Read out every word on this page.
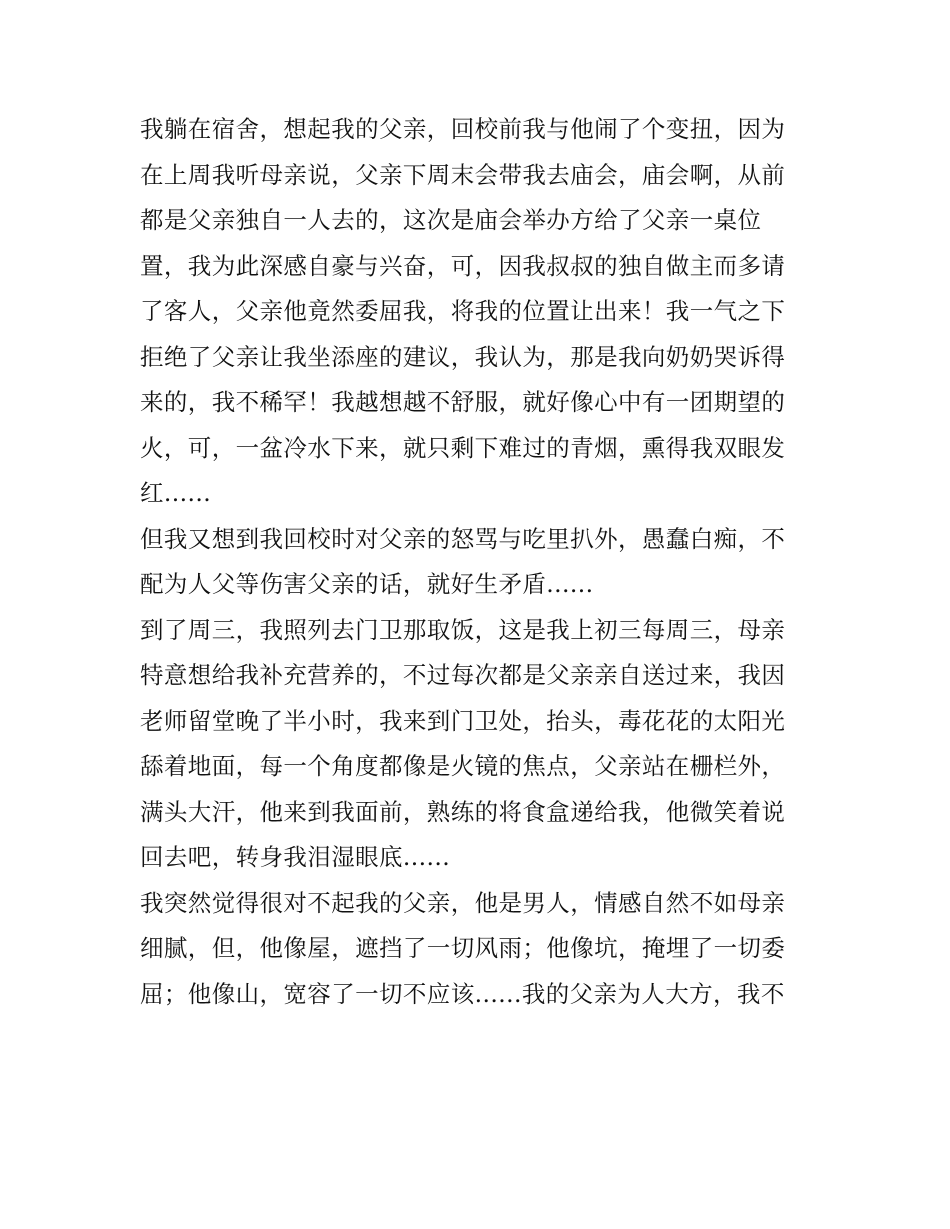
我躺在宿舍，想起我的父亲，回校前我与他闹了个变扭，因为
在上周我听母亲说，父亲下周末会带我去庙会，庙会啊，从前
都是父亲独自一人去的，这次是庙会举办方给了父亲一桌位
置，我为此深感自豪与兴奋，可，因我叔叔的独自做主而多请
了客人，父亲他竟然委屈我，将我的位置让出来！我一气之下
拒绝了父亲让我坐添座的建议，我认为，那是我向奶奶哭诉得
来的，我不稀罕！我越想越不舒服，就好像心中有一团期望的
火，可，一盆冷水下来，就只剩下难过的青烟，熏得我双眼发
红......
但我又想到我回校时对父亲的怒骂与吃里扒外，愚蠢白痴，不
配为人父等伤害父亲的话，就好生矛盾......
到了周三，我照列去门卫那取饭，这是我上初三每周三，母亲
特意想给我补充营养的，不过每次都是父亲亲自送过来，我因
老师留堂晚了半小时，我来到门卫处，抬头，毒花花的太阳光
舔着地面，每一个角度都像是火镜的焦点，父亲站在栅栏外，
满头大汗，他来到我面前，熟练的将食盒递给我，他微笑着说
回去吧，转身我泪湿眼底......
我突然觉得很对不起我的父亲，他是男人，情感自然不如母亲
细腻，但，他像屋，遮挡了一切风雨；他像坑，掩埋了一切委
屈；他像山，宽容了一切不应该......我的父亲为人大方，我不
